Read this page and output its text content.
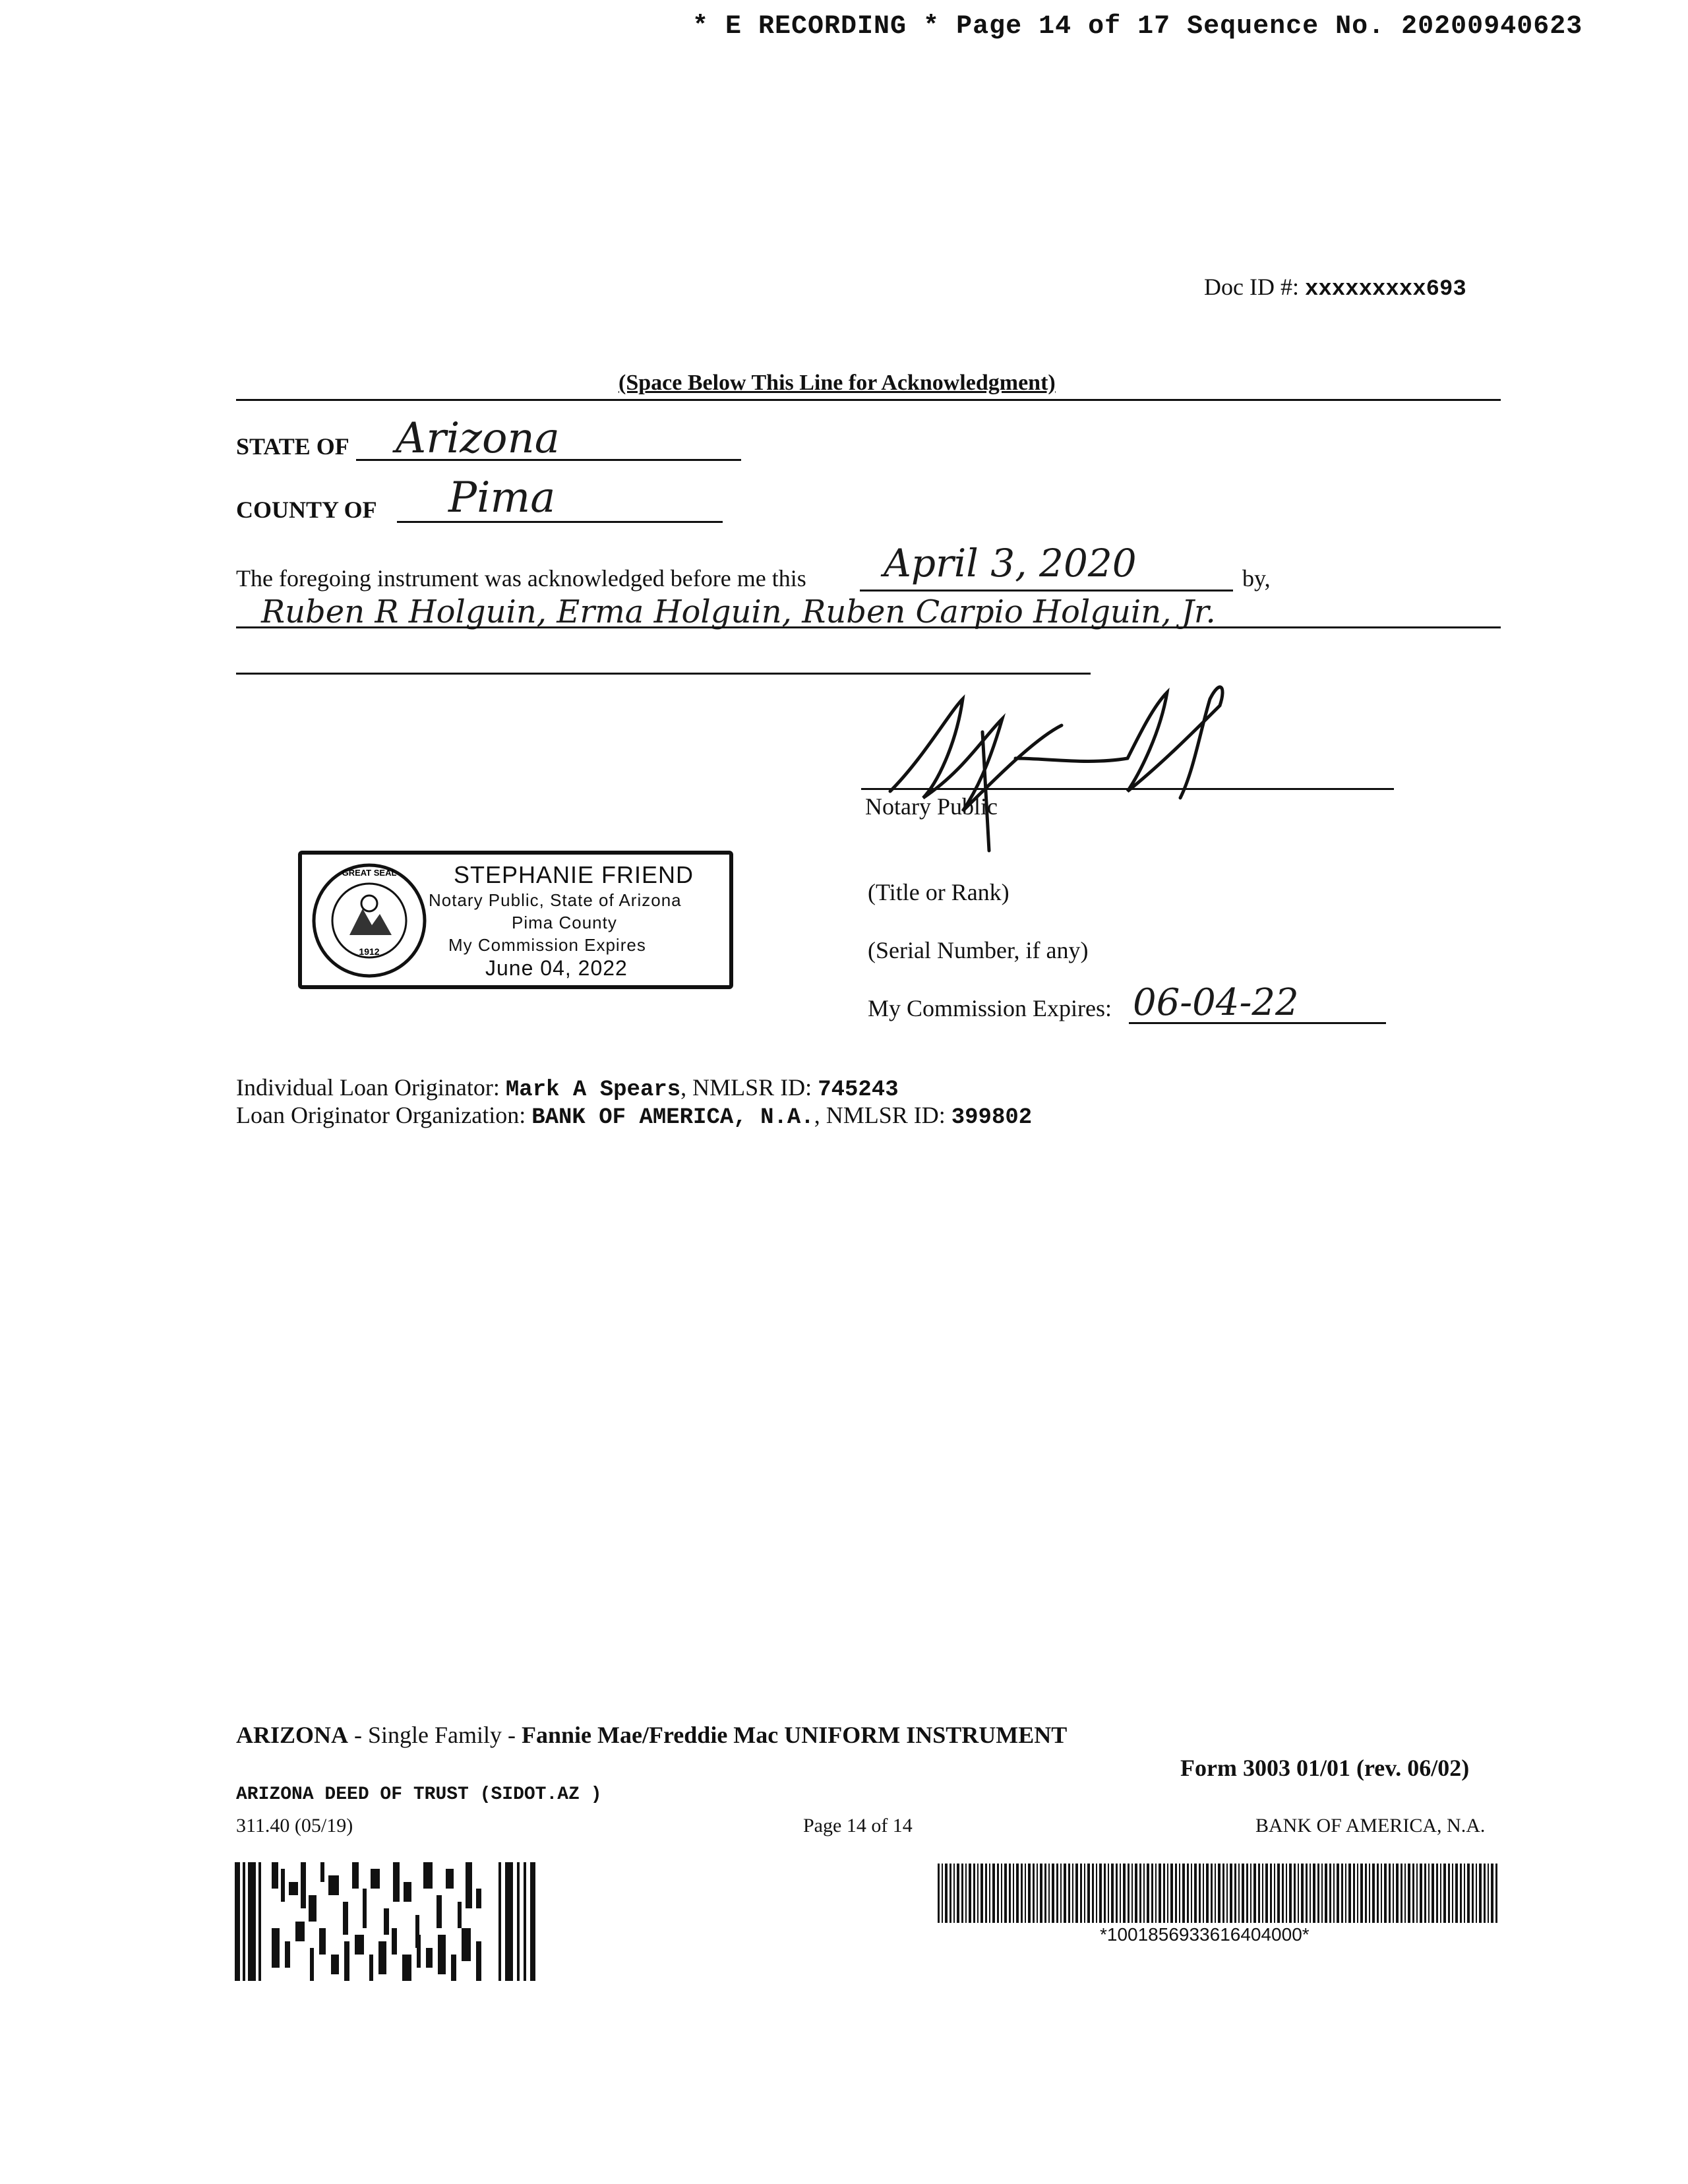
* E RECORDING * Page 14 of 17 Sequence No. 20200940623
Doc ID #: xxxxxxxxx693
(Space Below This Line for Acknowledgment)
STATE OF Arizona
COUNTY OF Pima
The foregoing instrument was acknowledged before me this April 3, 2020	by,
Ruben R Holguin, Erma Holguin, Ruben Carpio Holguin, Jr.
Notary Public
GREAT SEAL
1912
STEPHANIE FRIEND
Notary Public, State of Arizona
Pima County
My Commission Expires
June 04, 2022
(Title or Rank)
(Serial Number, if any)
My Commission Expires: 06-04-22
Individual Loan Originator: Mark A Spears, NMLSR ID: 745243
Loan Originator Organization: BANK OF AMERICA, N.A., NMLSR ID: 399802
ARIZONA - Single Family - Fannie Mae/Freddie Mac UNIFORM INSTRUMENT
Form 3003 01/01 (rev. 06/02)
ARIZONA DEED OF TRUST (SIDOT.AZ )
311.40 (05/19)	Page 14 of 14	BANK OF AMERICA, N.A.
*1001856933616404000*
